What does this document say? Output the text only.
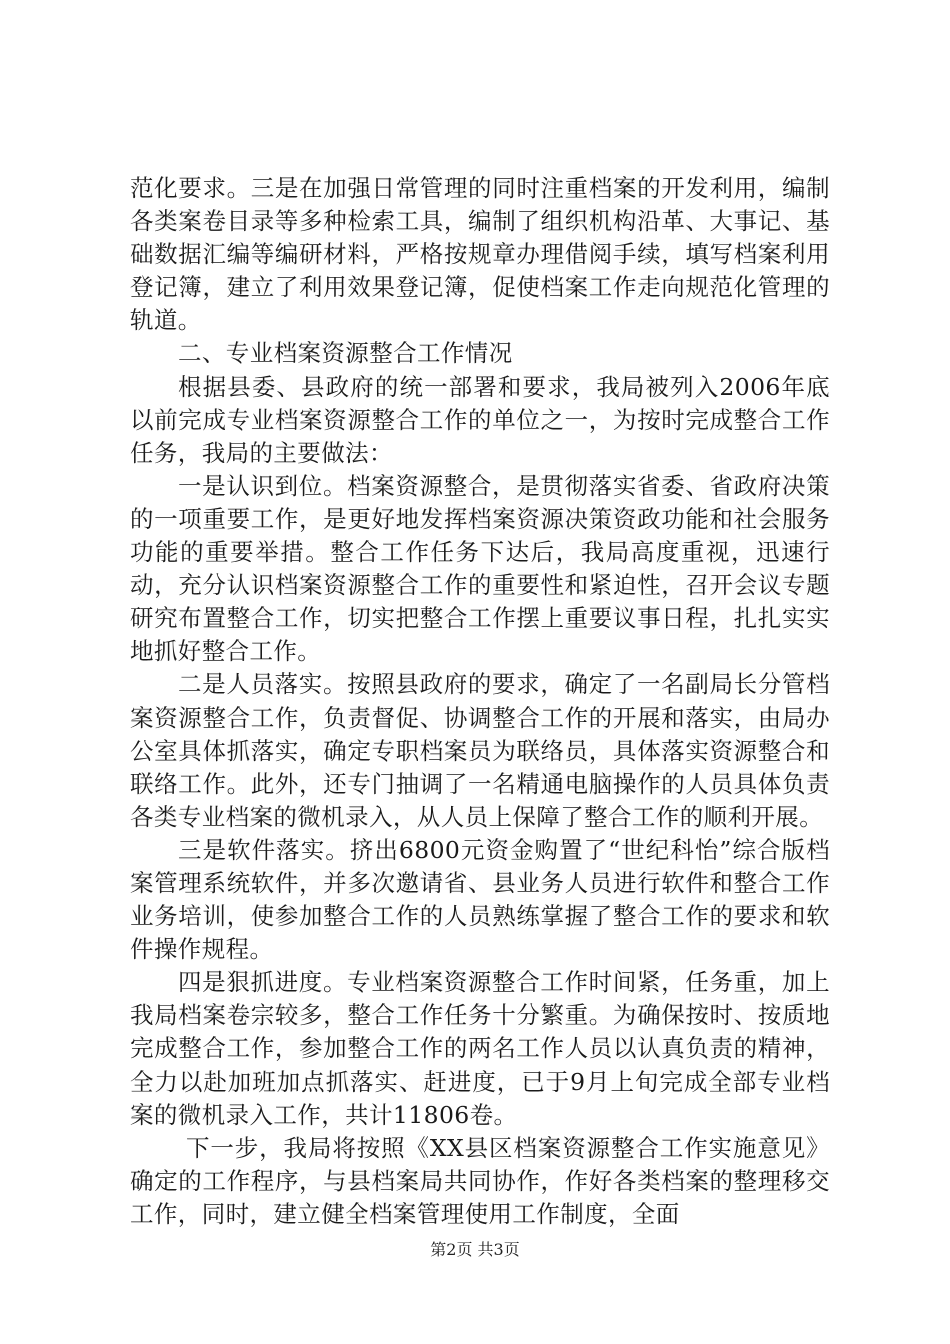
范化要求。三是在加强日常管理的同时注重档案的开发利用，编制各类案卷目录等多种检索工具，编制了组织机构沿革、大事记、基础数据汇编等编研材料，严格按规章办理借阅手续，填写档案利用登记簿，建立了利用效果登记簿，促使档案工作走向规范化管理的轨道。

二、专业档案资源整合工作情况

根据县委、县政府的统一部署和要求，我局被列入2006年底以前完成专业档案资源整合工作的单位之一，为按时完成整合工作任务，我局的主要做法：

一是认识到位。档案资源整合，是贯彻落实省委、省政府决策的一项重要工作，是更好地发挥档案资源决策资政功能和社会服务功能的重要举措。整合工作任务下达后，我局高度重视，迅速行动，充分认识档案资源整合工作的重要性和紧迫性，召开会议专题研究布置整合工作，切实把整合工作摆上重要议事日程，扎扎实实地抓好整合工作。

二是人员落实。按照县政府的要求，确定了一名副局长分管档案资源整合工作，负责督促、协调整合工作的开展和落实，由局办公室具体抓落实，确定专职档案员为联络员，具体落实资源整合和联络工作。此外，还专门抽调了一名精通电脑操作的人员具体负责各类专业档案的微机录入，从人员上保障了整合工作的顺利开展。

三是软件落实。挤出6800元资金购置了“世纪科怡”综合版档案管理系统软件，并多次邀请省、县业务人员进行软件和整合工作业务培训，使参加整合工作的人员熟练掌握了整合工作的要求和软件操作规程。

四是狠抓进度。专业档案资源整合工作时间紧，任务重，加上我局档案卷宗较多，整合工作任务十分繁重。为确保按时、按质地完成整合工作，参加整合工作的两名工作人员以认真负责的精神，全力以赴加班加点抓落实、赶进度，已于9月上旬完成全部专业档案的微机录入工作，共计11806卷。

下一步，我局将按照《XX县区档案资源整合工作实施意见》确定的工作程序，与县档案局共同协作，作好各类档案的整理移交工作，同时，建立健全档案管理使用工作制度，全面

第2页 共3页
